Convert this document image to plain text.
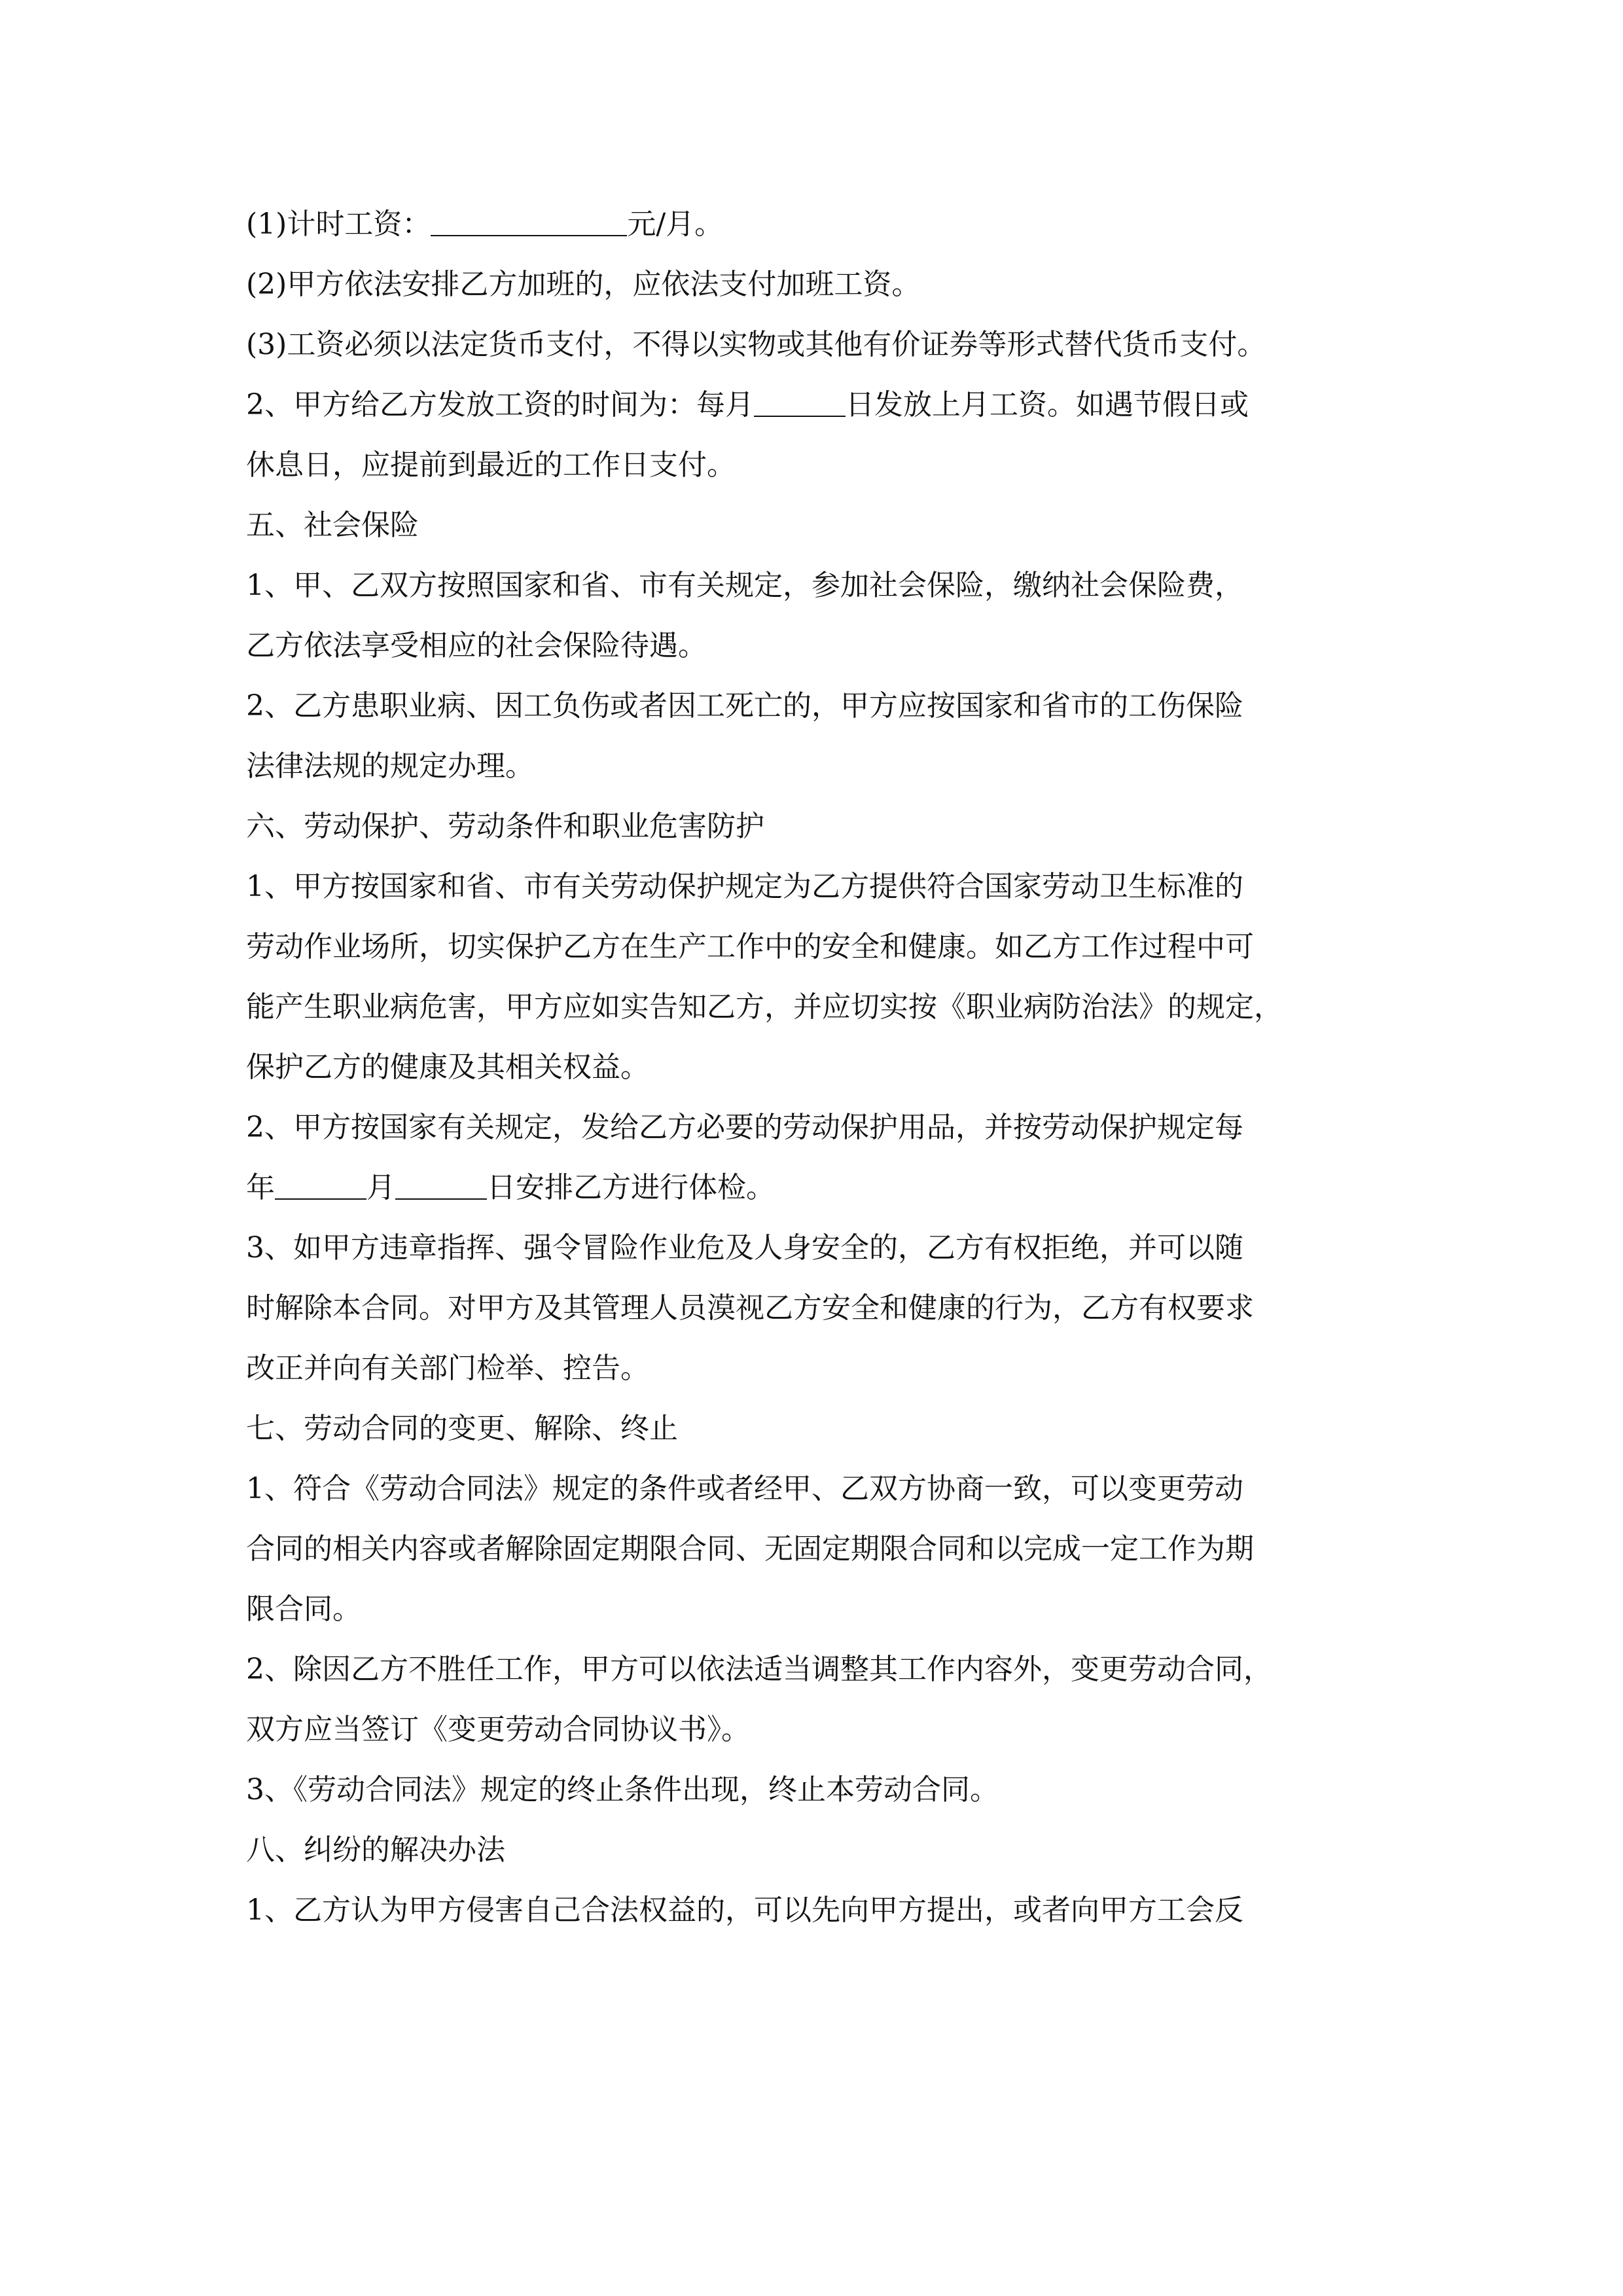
(1)计时工资：	元/月。
(2)甲方依法安排乙方加班的，应依法支付加班工资。
(3)工资必须以法定货币支付，不得以实物或其他有价证券等形式替代货币支付。
2、甲方给乙方发放工资的时间为：每月	日发放上月工资。如遇节假日或
休息日，应提前到最近的工作日支付。
五、社会保险
1、甲、乙双方按照国家和省、市有关规定，参加社会保险，缴纳社会保险费，
乙方依法享受相应的社会保险待遇。
2、乙方患职业病、因工负伤或者因工死亡的，甲方应按国家和省市的工伤保险
法律法规的规定办理。
六、劳动保护、劳动条件和职业危害防护
1、甲方按国家和省、市有关劳动保护规定为乙方提供符合国家劳动卫生标准的
劳动作业场所，切实保护乙方在生产工作中的安全和健康。如乙方工作过程中可
能产生职业病危害，甲方应如实告知乙方，并应切实按《职业病防治法》的规定，
保护乙方的健康及其相关权益。
2、甲方按国家有关规定，发给乙方必要的劳动保护用品，并按劳动保护规定每
年	月	日安排乙方进行体检。
3、如甲方违章指挥、强令冒险作业危及人身安全的，乙方有权拒绝，并可以随
时解除本合同。对甲方及其管理人员漠视乙方安全和健康的行为，乙方有权要求
改正并向有关部门检举、控告。
七、劳动合同的变更、解除、终止
1、符合《劳动合同法》规定的条件或者经甲、乙双方协商一致，可以变更劳动
合同的相关内容或者解除固定期限合同、无固定期限合同和以完成一定工作为期
限合同。
2、除因乙方不胜任工作，甲方可以依法适当调整其工作内容外，变更劳动合同，
双方应当签订《变更劳动合同协议书》。
3、《劳动合同法》规定的终止条件出现，终止本劳动合同。
八、纠纷的解决办法
1、乙方认为甲方侵害自己合法权益的，可以先向甲方提出，或者向甲方工会反
